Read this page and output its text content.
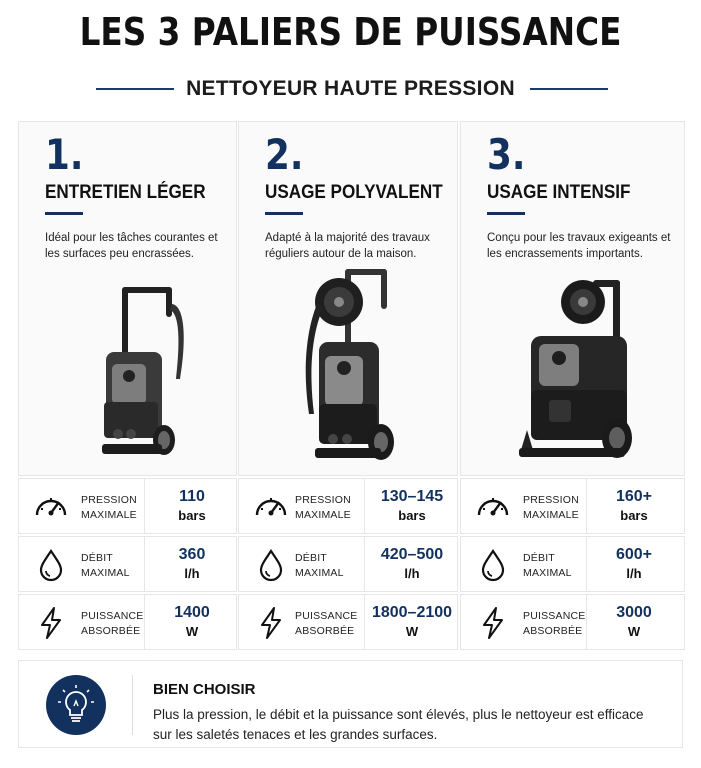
LES 3 PALIERS DE PUISSANCE
NETTOYEUR HAUTE PRESSION
1.
ENTRETIEN LÉGER
Idéal pour les tâches courantes et les surfaces peu encrassées.
2.
USAGE POLYVALENT
Adapté à la majorité des travaux réguliers autour de la maison.
3.
USAGE INTENSIF
Conçu pour les travaux exigeants et les encrassements importants.
PRESSION
MAXIMALE
110
bars
PRESSION
MAXIMALE
130–145
bars
PRESSION
MAXIMALE
160+
bars
DÉBIT
MAXIMAL
360
l/h
DÉBIT
MAXIMAL
420–500
l/h
DÉBIT
MAXIMAL
600+
l/h
PUISSANCE
ABSORBÉE
1400
W
PUISSANCE
ABSORBÉE
1800–2100
W
PUISSANCE
ABSORBÉE
3000
W
BIEN CHOISIR
Plus la pression, le débit et la puissance sont élevés, plus le nettoyeur est efficace sur les saletés tenaces et les grandes surfaces.
